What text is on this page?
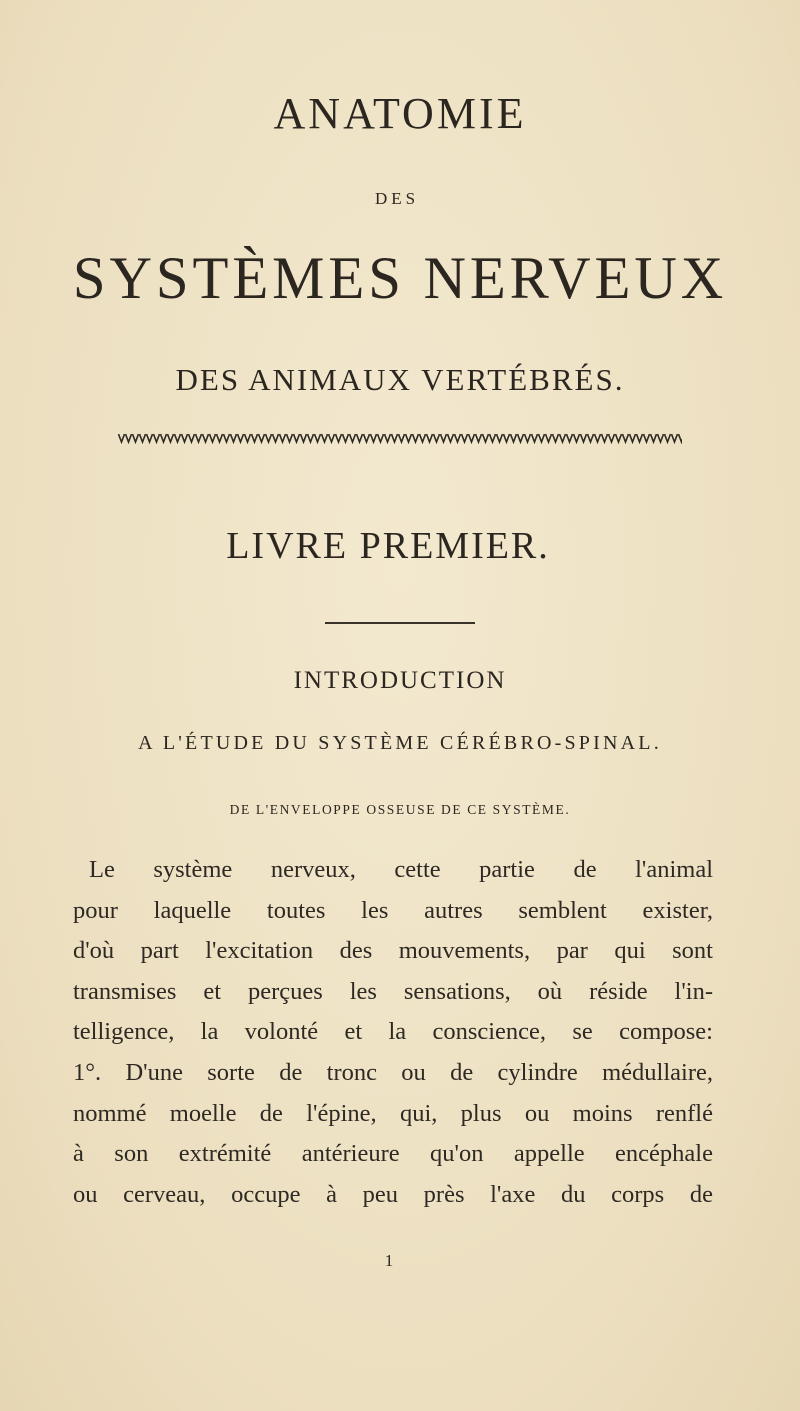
ANATOMIE
DES
SYSTÈMES NERVEUX
DES ANIMAUX VERTÉBRÉS.
LIVRE PREMIER.
INTRODUCTION
A L'ÉTUDE DU SYSTÈME CÉRÉBRO-SPINAL.
DE L'ENVELOPPE OSSEUSE DE CE SYSTÈME.
Le système nerveux, cette partie de l'animal
pour laquelle toutes les autres semblent exister,
d'où part l'excitation des mouvements, par qui sont
transmises et perçues les sensations, où réside l'in-
telligence, la volonté et la conscience, se compose:
1°. D'une sorte de tronc ou de cylindre médullaire,
nommé moelle de l'épine, qui, plus ou moins renflé
à son extrémité antérieure qu'on appelle encéphale
ou cerveau, occupe à peu près l'axe du corps de
1
